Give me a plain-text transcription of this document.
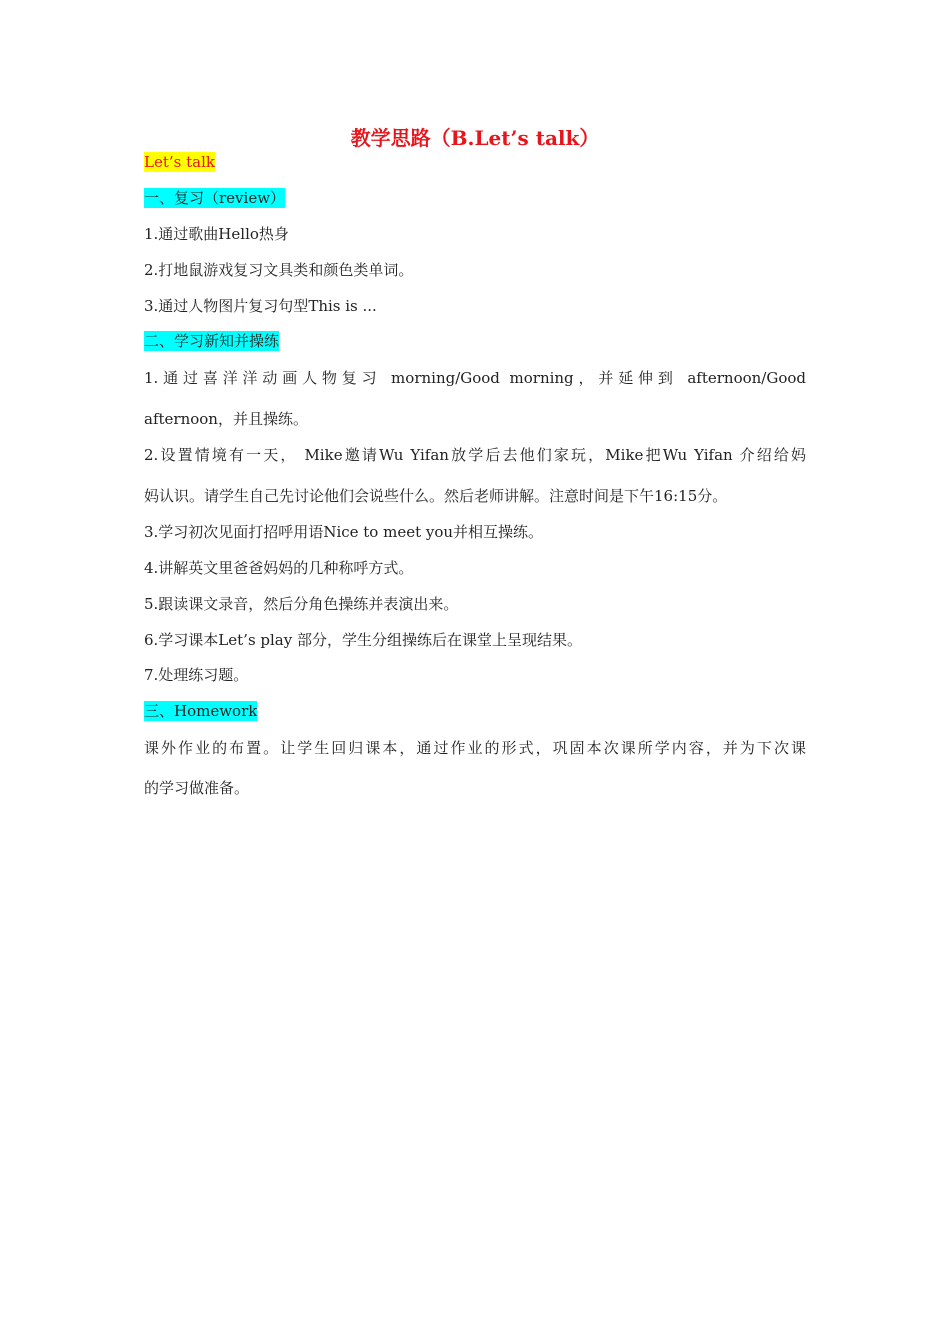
教学思路（B.Let’s talk）
Let’s talk
一、复习（review）
1.通过歌曲Hello热身
2.打地鼠游戏复习文具类和颜色类单词。
3.通过人物图片复习句型This is ...
二、学习新知并操练
1.通过喜洋洋动画人物复习 morning/Good morning，并延伸到 afternoon/Good
afternoon，并且操练。
2.设置情境有一天， Mike邀请Wu Yifan放学后去他们家玩，Mike把Wu Yifan 介绍给妈
妈认识。请学生自己先讨论他们会说些什么。然后老师讲解。注意时间是下午16:15分。
3.学习初次见面打招呼用语Nice to meet you并相互操练。
4.讲解英文里爸爸妈妈的几种称呼方式。
5.跟读课文录音，然后分角色操练并表演出来。
6.学习课本Let’s play 部分，学生分组操练后在课堂上呈现结果。
7.处理练习题。
三、Homework
课外作业的布置。让学生回归课本，通过作业的形式，巩固本次课所学内容，并为下次课
的学习做准备。
